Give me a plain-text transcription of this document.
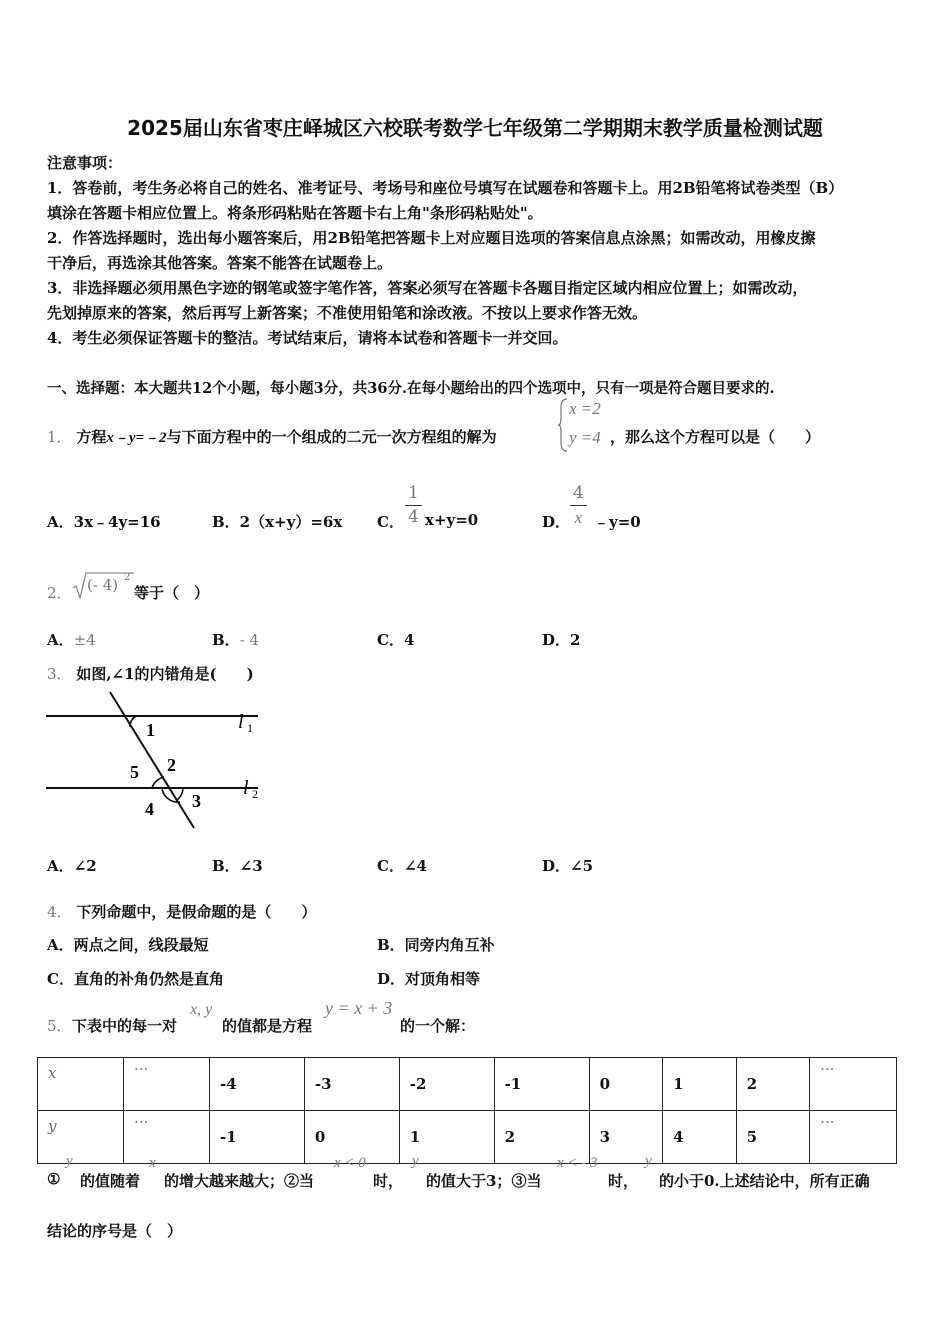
2025届山东省枣庄峄城区六校联考数学七年级第二学期期末教学质量检测试题
注意事项：
1．答卷前，考生务必将自己的姓名、准考证号、考场号和座位号填写在试题卷和答题卡上。用2B铅笔将试卷类型（B）
填涂在答题卡相应位置上。将条形码粘贴在答题卡右上角"条形码粘贴处"。
2．作答选择题时，选出每小题答案后，用2B铅笔把答题卡上对应题目选项的答案信息点涂黑；如需改动，用橡皮擦
干净后，再选涂其他答案。答案不能答在试题卷上。
3．非选择题必须用黑色字迹的钢笔或签字笔作答，答案必须写在答题卡各题目指定区域内相应位置上；如需改动，
先划掉原来的答案，然后再写上新答案；不准使用铅笔和涂改液。不按以上要求作答无效。
4．考生必须保证答题卡的整洁。考试结束后，请将本试卷和答题卡一并交回。
一、选择题：本大题共12个小题，每小题3分，共36分.在每小题给出的四个选项中，只有一项是符合题目要求的.
1． 方程x﹣y=﹣2与下面方程中的一个组成的二元一次方程组的解为
x =2
y =4 ，那么这个方程可以是（　　）
A．3x﹣4y=16	B．2（x+y）=6x C． $\frac{1}{4} x+y=0$	D． $\frac{4}{x}$ ﹣y=0
2． (- 4) 2
等于（　）
A．±4	B．- 4	C．4	D．2
3． 如图,∠1的内错角是(　　)
1
2
3
4
5
l 1
l 2
A．∠2	B．∠3	C．∠4	D．∠5
4． 下列命题中，是假命题的是（　　）
A．两点之间，线段最短	B．同旁内角互补
C．直角的补角仍然是直角	D．对顶角相等
5． 下表中的每一对
x, y
的值都是方程
y = x + 3
的一个解：
x	···	-4	-3	-2	-1	0	1	2	···
y	···	-1	0	1	2	3	4	5	···
①
y
的值随着
x
的增大越来越大；②当
x < 0
时，
y
的值大于3；③当
x < - 3
时，
y
的小于0.上述结论中，所有正确
结论的序号是（　）
